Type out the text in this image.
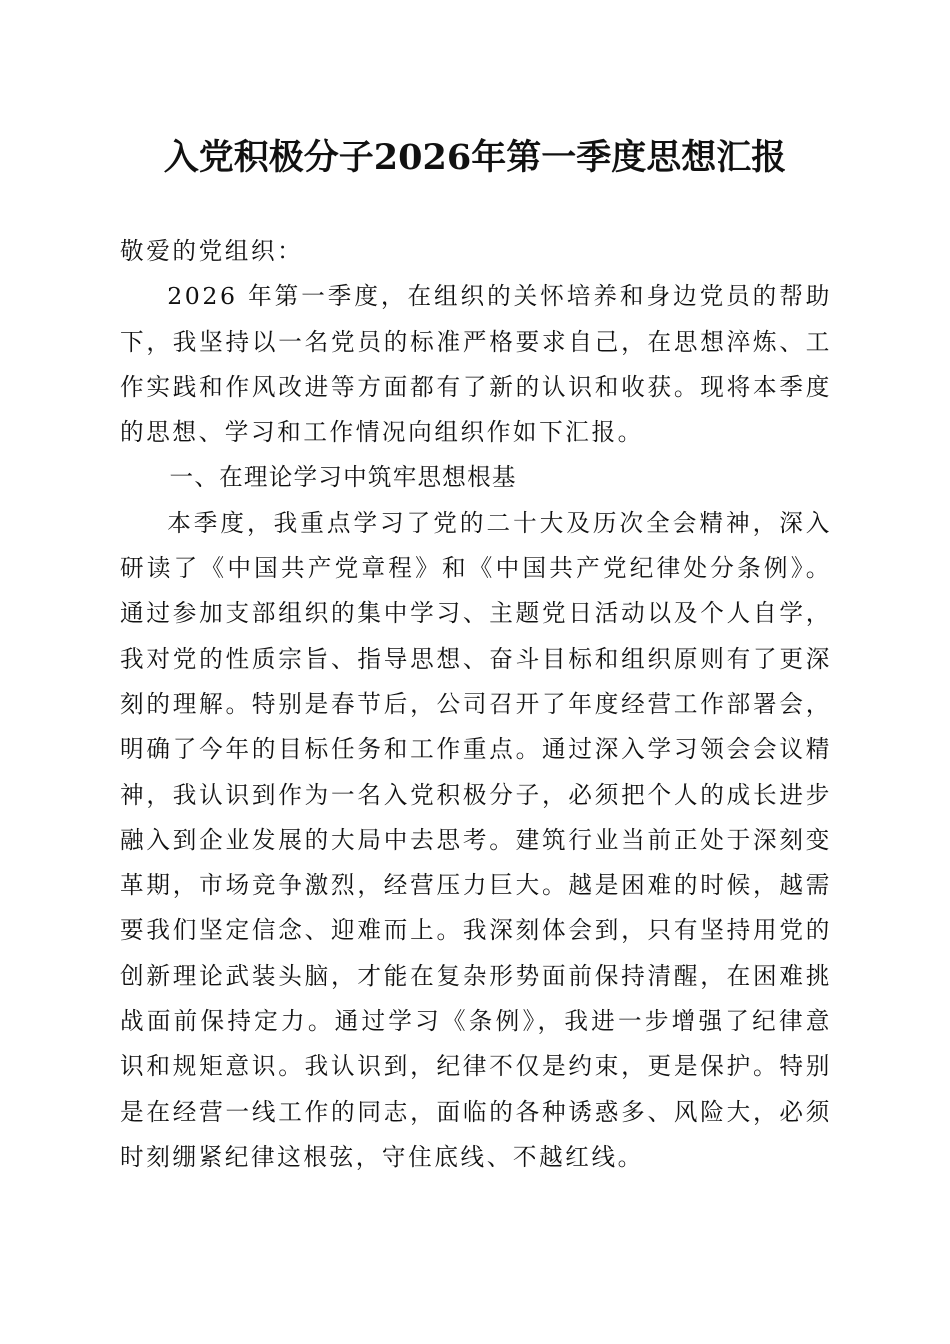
入党积极分子2026年第一季度思想汇报

敬爱的党组织：

2026 年第一季度，在组织的关怀培养和身边党员的帮助下，我坚持以一名党员的标准严格要求自己，在思想淬炼、工作实践和作风改进等方面都有了新的认识和收获。现将本季度的思想、学习和工作情况向组织作如下汇报。

一、在理论学习中筑牢思想根基

本季度，我重点学习了党的二十大及历次全会精神，深入研读了《中国共产党章程》和《中国共产党纪律处分条例》。通过参加支部组织的集中学习、主题党日活动以及个人自学，我对党的性质宗旨、指导思想、奋斗目标和组织原则有了更深刻的理解。特别是春节后，公司召开了年度经营工作部署会，明确了今年的目标任务和工作重点。通过深入学习领会会议精神，我认识到作为一名入党积极分子，必须把个人的成长进步融入到企业发展的大局中去思考。建筑行业当前正处于深刻变革期，市场竞争激烈，经营压力巨大。越是困难的时候，越需要我们坚定信念、迎难而上。我深刻体会到，只有坚持用党的创新理论武装头脑，才能在复杂形势面前保持清醒，在困难挑战面前保持定力。通过学习《条例》，我进一步增强了纪律意识和规矩意识。我认识到，纪律不仅是约束，更是保护。特别是在经营一线工作的同志，面临的各种诱惑多、风险大，必须时刻绷紧纪律这根弦，守住底线、不越红线。
